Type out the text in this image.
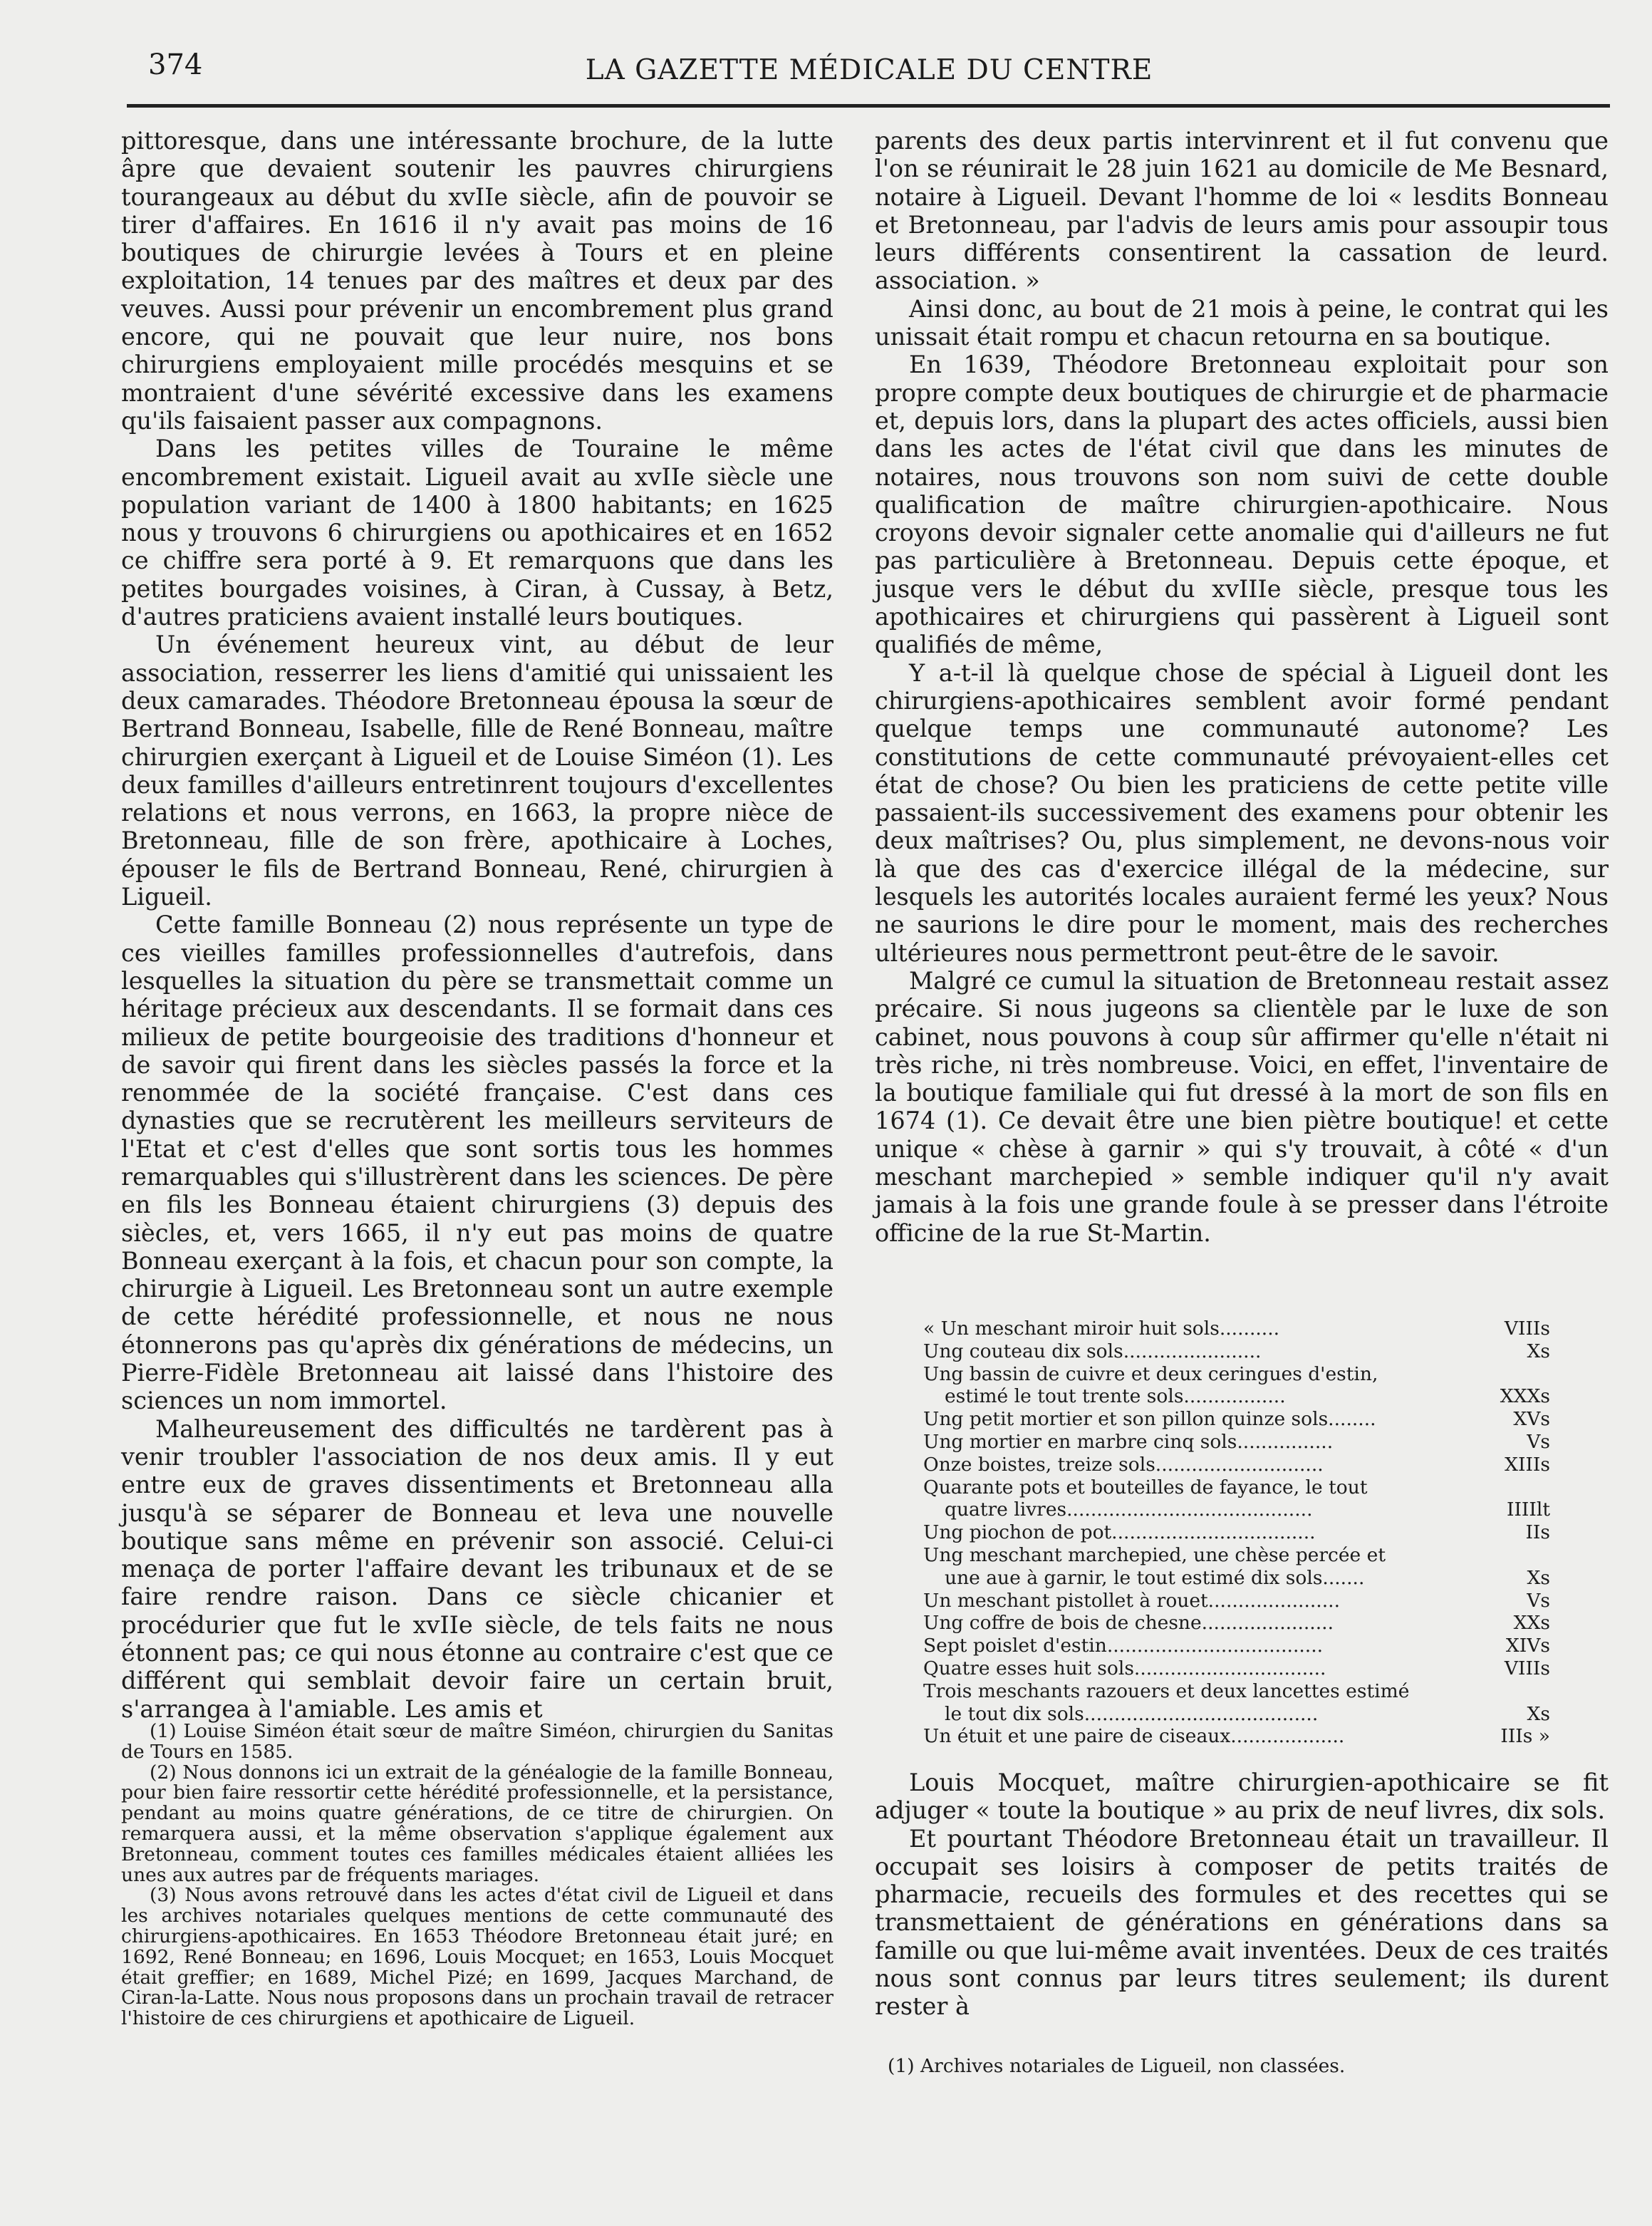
374	LA GAZETTE MÉDICALE DU CENTRE

pittoresque, dans une intéressante brochure, de la lutte âpre que devaient soutenir les pauvres chirurgiens tourangeaux au début du xvIIe siècle, afin de pouvoir se tirer d'affaires. En 1616 il n'y avait pas moins de 16 boutiques de chirurgie levées à Tours et en pleine exploitation, 14 tenues par des maîtres et deux par des veuves. Aussi pour prévenir un encombrement plus grand encore, qui ne pouvait que leur nuire, nos bons chirurgiens employaient mille procédés mesquins et se montraient d'une sévérité excessive dans les examens qu'ils faisaient passer aux compagnons.

Dans les petites villes de Touraine le même encombrement existait. Ligueil avait au xvIIe siècle une population variant de 1400 à 1800 habitants; en 1625 nous y trouvons 6 chirurgiens ou apothicaires et en 1652 ce chiffre sera porté à 9. Et remarquons que dans les petites bourgades voisines, à Ciran, à Cussay, à Betz, d'autres praticiens avaient installé leurs boutiques.

Un événement heureux vint, au début de leur association, resserrer les liens d'amitié qui unissaient les deux camarades. Théodore Bretonneau épousa la sœur de Bertrand Bonneau, Isabelle, fille de René Bonneau, maître chirurgien exerçant à Ligueil et de Louise Siméon (1). Les deux familles d'ailleurs entretinrent toujours d'excellentes relations et nous verrons, en 1663, la propre nièce de Bretonneau, fille de son frère, apothicaire à Loches, épouser le fils de Bertrand Bonneau, René, chirurgien à Ligueil.

Cette famille Bonneau (2) nous représente un type de ces vieilles familles professionnelles d'autrefois, dans lesquelles la situation du père se transmettait comme un héritage précieux aux descendants. Il se formait dans ces milieux de petite bourgeoisie des traditions d'honneur et de savoir qui firent dans les siècles passés la force et la renommée de la société française. C'est dans ces dynasties que se recrutèrent les meilleurs serviteurs de l'Etat et c'est d'elles que sont sortis tous les hommes remarquables qui s'illustrèrent dans les sciences. De père en fils les Bonneau étaient chirurgiens (3) depuis des siècles, et, vers 1665, il n'y eut pas moins de quatre Bonneau exerçant à la fois, et chacun pour son compte, la chirurgie à Ligueil. Les Bretonneau sont un autre exemple de cette hérédité professionnelle, et nous ne nous étonnerons pas qu'après dix générations de médecins, un Pierre-Fidèle Bretonneau ait laissé dans l'histoire des sciences un nom immortel.

Malheureusement des difficultés ne tardèrent pas à venir troubler l'association de nos deux amis. Il y eut entre eux de graves dissentiments et Bretonneau alla jusqu'à se séparer de Bonneau et leva une nouvelle boutique sans même en prévenir son associé. Celui-ci menaça de porter l'affaire devant les tribunaux et de se faire rendre raison. Dans ce siècle chicanier et procédurier que fut le xvIIe siècle, de tels faits ne nous étonnent pas; ce qui nous étonne au contraire c'est que ce différent qui semblait devoir faire un certain bruit, s'arrangea à l'amiable. Les amis et

(1) Louise Siméon était sœur de maître Siméon, chirurgien du Sanitas de Tours en 1585.

(2) Nous donnons ici un extrait de la généalogie de la famille Bonneau, pour bien faire ressortir cette hérédité professionnelle, et la persistance, pendant au moins quatre générations, de ce titre de chirurgien. On remarquera aussi, et la même observation s'applique également aux Bretonneau, comment toutes ces familles médicales étaient alliées les unes aux autres par de fréquents mariages.

(3) Nous avons retrouvé dans les actes d'état civil de Ligueil et dans les archives notariales quelques mentions de cette communauté des chirurgiens-apothicaires. En 1653 Théodore Bretonneau était juré; en 1692, René Bonneau; en 1696, Louis Mocquet; en 1653, Louis Mocquet était greffier; en 1689, Michel Pizé; en 1699, Jacques Marchand, de Ciran-la-Latte. Nous nous proposons dans un prochain travail de retracer l'histoire de ces chirurgiens et apothicaire de Ligueil.

parents des deux partis intervinrent et il fut convenu que l'on se réunirait le 28 juin 1621 au domicile de Me Besnard, notaire à Ligueil. Devant l'homme de loi « lesdits Bonneau et Bretonneau, par l'advis de leurs amis pour assoupir tous leurs différents consentirent la cassation de leurd. association. »

Ainsi donc, au bout de 21 mois à peine, le contrat qui les unissait était rompu et chacun retourna en sa boutique.

En 1639, Théodore Bretonneau exploitait pour son propre compte deux boutiques de chirurgie et de pharmacie et, depuis lors, dans la plupart des actes officiels, aussi bien dans les actes de l'état civil que dans les minutes de notaires, nous trouvons son nom suivi de cette double qualification de maître chirurgien-apothicaire. Nous croyons devoir signaler cette anomalie qui d'ailleurs ne fut pas particulière à Bretonneau. Depuis cette époque, et jusque vers le début du xvIIIe siècle, presque tous les apothicaires et chirurgiens qui passèrent à Ligueil sont qualifiés de même,

Y a-t-il là quelque chose de spécial à Ligueil dont les chirurgiens-apothicaires semblent avoir formé pendant quelque temps une communauté autonome? Les constitutions de cette communauté prévoyaient-elles cet état de chose? Ou bien les praticiens de cette petite ville passaient-ils successivement des examens pour obtenir les deux maîtrises? Ou, plus simplement, ne devons-nous voir là que des cas d'exercice illégal de la médecine, sur lesquels les autorités locales auraient fermé les yeux? Nous ne saurions le dire pour le moment, mais des recherches ultérieures nous permettront peut-être de le savoir.

Malgré ce cumul la situation de Bretonneau restait assez précaire. Si nous jugeons sa clientèle par le luxe de son cabinet, nous pouvons à coup sûr affirmer qu'elle n'était ni très riche, ni très nombreuse. Voici, en effet, l'inventaire de la boutique familiale qui fut dressé à la mort de son fils en 1674 (1). Ce devait être une bien piètre boutique! et cette unique « chèse à garnir » qui s'y trouvait, à côté « d'un meschant marchepied » semble indiquer qu'il n'y avait jamais à la fois une grande foule à se presser dans l'étroite officine de la rue St-Martin.

« Un meschant miroir huit sols..........	VIIIs
Ung couteau dix sols.......................	Xs
Ung bassin de cuivre et deux ceringues d'estin,
estimé le tout trente sols.................	XXXs
Ung petit mortier et son pillon quinze sols........	XVs
Ung mortier en marbre cinq sols................	Vs
Onze boistes, treize sols............................	XIIIs
Quarante pots et bouteilles de fayance, le tout
quatre livres.........................................	IIIIlt
Ung piochon de pot..................................	IIs
Ung meschant marchepied, une chèse percée et
une aue à garnir, le tout estimé dix sols.......	Xs
Un meschant pistollet à rouet......................	Vs
Ung coffre de bois de chesne......................	XXs
Sept poislet d'estin....................................	XIVs
Quatre esses huit sols................................	VIIIs
Trois meschants razouers et deux lancettes estimé
le tout dix sols.......................................	Xs
Un étuit et une paire de ciseaux...................	IIIs »

Louis Mocquet, maître chirurgien-apothicaire se fit adjuger « toute la boutique » au prix de neuf livres, dix sols.

Et pourtant Théodore Bretonneau était un travailleur. Il occupait ses loisirs à composer de petits traités de pharmacie, recueils des formules et des recettes qui se transmettaient de générations en générations dans sa famille ou que lui-même avait inventées. Deux de ces traités nous sont connus par leurs titres seulement; ils durent rester à

(1) Archives notariales de Ligueil, non classées.
